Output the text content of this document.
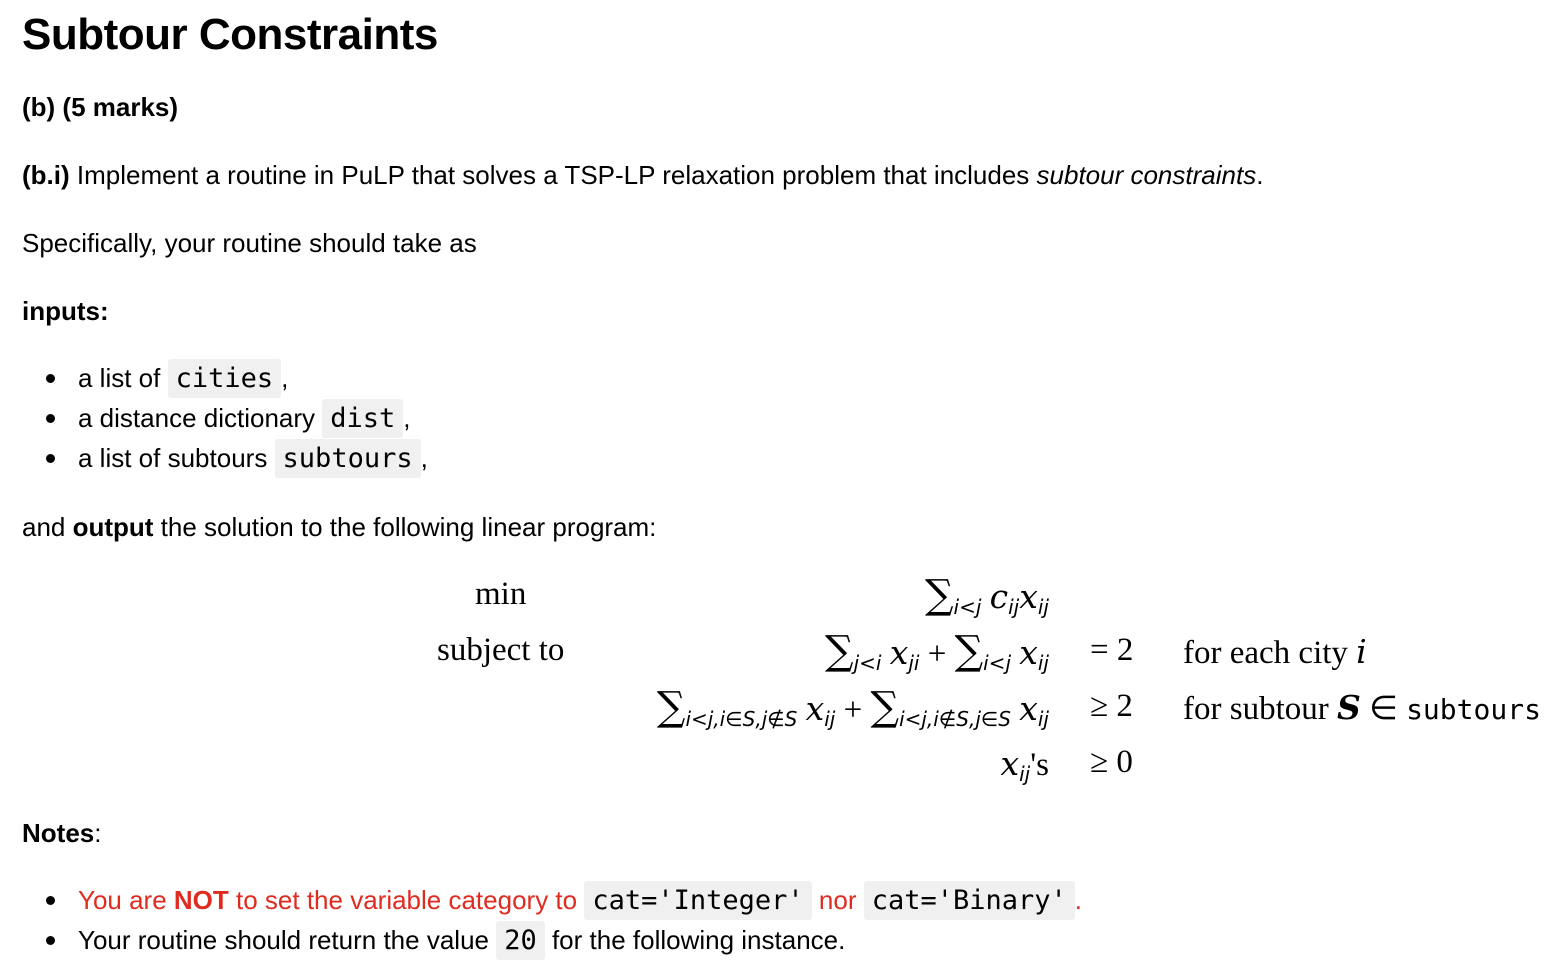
Subtour Constraints
(b) (5 marks)
(b.i) Implement a routine in PuLP that solves a TSP-LP relaxation problem that includes subtour constraints.
Specifically, your routine should take as
inputs:
a list of cities ,
a distance dictionary dist ,
a list of subtours subtours ,
and output the solution to the following linear program:
min
subject to
$\sum_{i<j}$ $c_{ij}x_{ij}$
$\sum_{j<i}$ $x_{ji} + \sum_{i<j}$ $x_{ij} = 2$ for each city i
$\sum_{i<j,i\in S,j\notin S}$ $x_{ij} + \sum_{i<j,i\notin S,j\in S}$ $x_{ij} \ge 2$ for subtour S ∈ subtours
$x_{ij}'s \ge 0$
Notes:
You are NOT to set the variable category to cat='Integer' nor cat='Binary' .
Your routine should return the value 20 for the following instance.
